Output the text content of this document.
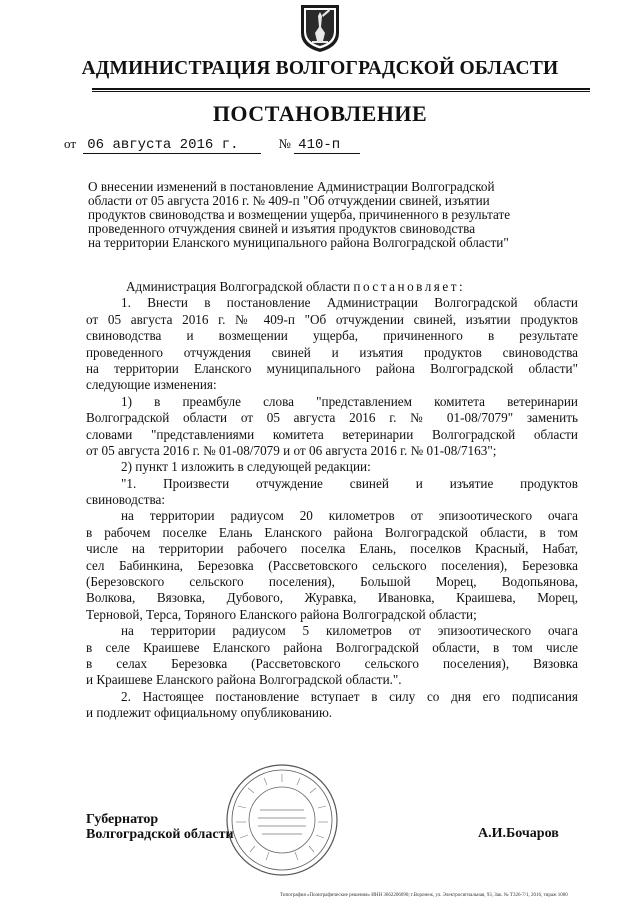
АДМИНИСТРАЦИЯ ВОЛГОГРАДСКОЙ ОБЛАСТИ
ПОСТАНОВЛЕНИЕ
от 06 августа 2016 г.	№ 410-п
О внесении изменений в постановление Администрации Волгоградской
области от 05 августа 2016 г. № 409-п "Об отчуждении свиней, изъятии
продуктов свиноводства и возмещении ущерба, причиненного в результате
проведенного отчуждения свиней и изъятия продуктов свиноводства
на территории Еланского муниципального района Волгоградской области"
Администрация Волгоградской области постановляет:
1. Внести в постановление Администрации Волгоградской области
от 05 августа 2016 г. № 409-п "Об отчуждении свиней, изъятии продуктов
свиноводства и возмещении ущерба, причиненного в результате
проведенного отчуждения свиней и изъятия продуктов свиноводства
на территории Еланского муниципального района Волгоградской области"
следующие изменения:
1) в преамбуле слова "представлением комитета ветеринарии
Волгоградской области от 05 августа 2016 г. № 01-08/7079" заменить
словами "представлениями комитета ветеринарии Волгоградской области
от 05 августа 2016 г. № 01-08/7079 и от 06 августа 2016 г. № 01-08/7163";
2) пункт 1 изложить в следующей редакции:
"1. Произвести отчуждение свиней и изъятие продуктов
свиноводства:
на территории радиусом 20 километров от эпизоотического очага
в рабочем поселке Елань Еланского района Волгоградской области, в том
числе на территории рабочего поселка Елань, поселков Красный, Набат,
сел Бабинкина, Березовка (Рассветовского сельского поселения), Березовка
(Березовского сельского поселения), Большой Морец, Водопьянова,
Волкова, Вязовка, Дубового, Журавка, Ивановка, Краишева, Морец,
Терновой, Терса, Торяного Еланского района Волгоградской области;
на территории радиусом 5 километров от эпизоотического очага
в селе Краишеве Еланского района Волгоградской области, в том числе
в селах Березовка (Рассветовского сельского поселения), Вязовка
и Краишеве Еланского района Волгоградской области.".
2. Настоящее постановление вступает в силу со дня его подписания
и подлежит официальному опубликованию.
Губернатор
Волгоградской области	А.И.Бочаров
Типография «Полиграфические решения» ИНН 3662206090; г.Воронеж, ул. Электросигнальная, 93, Зак. № Т326-7/1, 2016, тираж 1000
